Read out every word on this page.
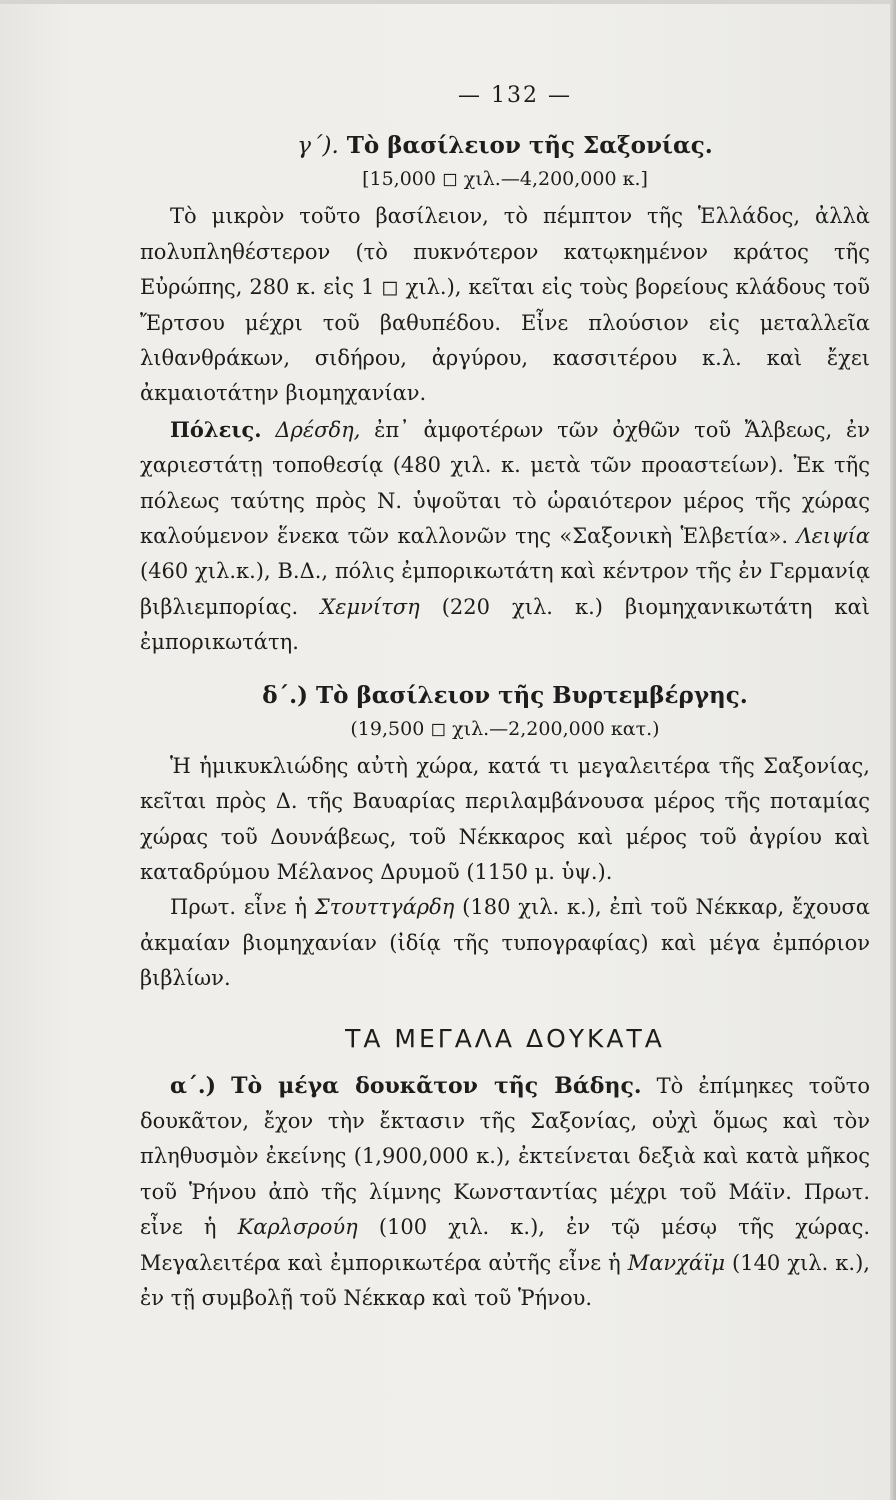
— 132 —
γ΄). Τὸ βασίλειον τῆς Σαξονίας.
[15,000 ◻ χιλ.—4,200,000 κ.]

Τὸ μικρὸν τοῦτο βασίλειον, τὸ πέμπτον τῆς Ἑλλάδος, ἀλλὰ πολυπληθέστερον (τὸ πυκνότερον κατῳκημένον κράτος τῆς Εὐρώπης, 280 κ. εἰς 1 ◻ χιλ.), κεῖται εἰς τοὺς βορείους κλάδους τοῦ Ἔρτσου μέχρι τοῦ βαθυπέδου. Εἶνε πλούσιον εἰς μεταλλεῖα λιθανθράκων, σιδήρου, ἀργύρου, κασσιτέρου κ.λ. καὶ ἔχει ἀκμαιοτάτην βιομηχανίαν.

Πόλεις. Δρέσδη, ἐπ᾽ ἀμφοτέρων τῶν ὀχθῶν τοῦ Ἄλβεως, ἐν χαριεστάτῃ τοποθεσίᾳ (480 χιλ. κ. μετὰ τῶν προαστείων). Ἐκ τῆς πόλεως ταύτης πρὸς Ν. ὑψοῦται τὸ ὡραιότερον μέρος τῆς χώρας καλούμενον ἕνεκα τῶν καλλονῶν της «Σαξονικὴ Ἑλβετία». Λειψία (460 χιλ.κ.), Β.Δ., πόλις ἐμπορικωτάτη καὶ κέντρον τῆς ἐν Γερμανίᾳ βιβλιεμπορίας. Χεμνίτση (220 χιλ. κ.) βιομηχανικωτάτη καὶ ἐμπορικωτάτη.

δ΄.) Τὸ βασίλειον τῆς Βυρτεμβέργης.
(19,500 ◻ χιλ.—2,200,000 κατ.)

Ἡ ἡμικυκλιώδης αὐτὴ χώρα, κατά τι μεγαλειτέρα τῆς Σαξονίας, κεῖται πρὸς Δ. τῆς Βαυαρίας περιλαμβάνουσα μέρος τῆς ποταμίας χώρας τοῦ Δουνάβεως, τοῦ Νέκκαρος καὶ μέρος τοῦ ἀγρίου καὶ καταδρύμου Μέλανος Δρυμοῦ (1150 μ. ὑψ.).

Πρωτ. εἶνε ἡ Στουττγάρδη (180 χιλ. κ.), ἐπὶ τοῦ Νέκκαρ, ἔχουσα ἀκμαίαν βιομηχανίαν (ἰδίᾳ τῆς τυπογραφίας) καὶ μέγα ἐμπόριον βιβλίων.

ΤΑ ΜΕΓΑΛΑ ΔΟΥΚΑΤΑ

α΄.) Τὸ μέγα δουκᾶτον τῆς Βάδης. Τὸ ἐπίμηκες τοῦτο δουκᾶτον, ἔχον τὴν ἔκτασιν τῆς Σαξονίας, οὐχὶ ὅμως καὶ τὸν πληθυσμὸν ἐκείνης (1,900,000 κ.), ἐκτείνεται δεξιὰ καὶ κατὰ μῆκος τοῦ Ῥήνου ἀπὸ τῆς λίμνης Κωνσταντίας μέχρι τοῦ Μάϊν. Πρωτ. εἶνε ἡ Καρλσρούη (100 χιλ. κ.), ἐν τῷ μέσῳ τῆς χώρας. Μεγαλειτέρα καὶ ἐμπορικωτέρα αὐτῆς εἶνε ἡ Μανχάϊμ (140 χιλ. κ.), ἐν τῇ συμβολῇ τοῦ Νέκκαρ καὶ τοῦ Ῥήνου.
